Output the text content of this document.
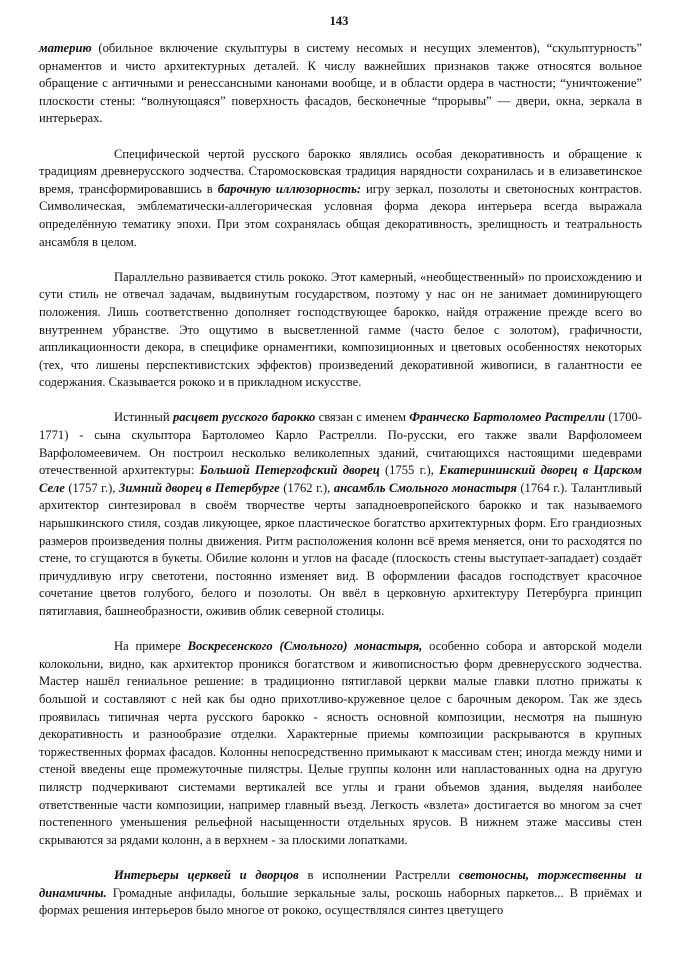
143

материю (обильное включение скульптуры в систему несомых и несущих элементов), “скульптурность” орнаментов и чисто архитектурных деталей. К числу важнейших признаков также относятся вольное обращение с античными и ренессансными канонами вообще, и в области ордера в частности; “уничтожение” плоскости стены: “волнующаяся” поверхность фасадов, бесконечные “прорывы” — двери, окна, зеркала в интерьерах.

Специфической чертой русского барокко являлись особая декоративность и обращение к традициям древнерусского зодчества. Старомосковская традиция нарядности сохранилась и в елизаветинское время, трансформировавшись в барочную иллюзорность: игру зеркал, позолоты и светоносных контрастов. Символическая, эмблематически-аллегорическая условная форма декора интерьера всегда выражала определённую тематику эпохи. При этом сохранялась общая декоративность, зрелищность и театральность ансамбля в целом.

Параллельно развивается стиль рококо. Этот камерный, «необщественный» по происхождению и сути стиль не отвечал задачам, выдвинутым государством, поэтому у нас он не занимает доминирующего положения. Лишь соответственно дополняет господствующее барокко, найдя отражение прежде всего во внутреннем убранстве. Это ощутимо в высветленной гамме (часто белое с золотом), графичности, аппликационности декора, в специфике орнаментики, композиционных и цветовых особенностях некоторых (тех, что лишены перспективистских эффектов) произведений декоративной живописи, в галантности ее содержания. Сказывается рококо и в прикладном искусстве.

Истинный расцвет русского барокко связан с именем Франческо Бартоломео Растрелли (1700-1771) - сына скульптора Бартоломео Карло Растрелли. По-русски, его также звали Варфоломеем Варфоломеевичем. Он построил несколько великолепных зданий, считающихся настоящими шедеврами отечественной архитектуры: Большой Петергофский дворец (1755 г.), Екатерининский дворец в Царском Селе (1757 г.), Зимний дворец в Петербурге (1762 г.), ансамбль Смольного монастыря (1764 г.). Талантливый архитектор синтезировал в своём творчестве черты западноевропейского барокко и так называемого нарышкинского стиля, создав ликующее, яркое пластическое богатство архитектурных форм. Его грандиозных размеров произведения полны движения. Ритм расположения колонн всё время меняется, они то расходятся по стене, то сгущаются в букеты. Обилие колонн и углов на фасаде (плоскость стены выступает-западает) создаёт причудливую игру светотени, постоянно изменяет вид. В оформлении фасадов господствует красочное сочетание цветов голубого, белого и позолоты. Он ввёл в церковную архитектуру Петербурга принцип пятиглавия, башнеобразности, оживив облик северной столицы.

На примере Воскресенского (Смольного) монастыря, особенно собора и авторской модели колокольни, видно, как архитектор проникся богатством и живописностью форм древнерусского зодчества. Мастер нашёл гениальное решение: в традиционно пятиглавой церкви малые главки плотно прижаты к большой и составляют с ней как бы одно прихотливо-кружевное целое с барочным декором. Так же здесь проявилась типичная черта русского барокко - ясность основной композиции, несмотря на пышную декоративность и разнообразие отделки. Характерные приемы композиции раскрываются в крупных торжественных формах фасадов. Колонны непосредственно примыкают к массивам стен; иногда между ними и стеной введены еще промежуточные пилястры. Целые группы колонн или напластованных одна на другую пилястр подчеркивают системами вертикалей все углы и грани объемов здания, выделяя наиболее ответственные части композиции, например главный въезд. Легкость «взлета» достигается во многом за счет постепенного уменьшения рельефной насыщенности отдельных ярусов. В нижнем этаже массивы стен скрываются за рядами колонн, а в верхнем - за плоскими лопатками.

Интерьеры церквей и дворцов в исполнении Растрелли светоносны, торжественны и динамичны. Громадные анфилады, большие зеркальные залы, роскошь наборных паркетов... В приёмах и формах решения интерьеров было многое от рококо, осуществлялся синтез цветущего
